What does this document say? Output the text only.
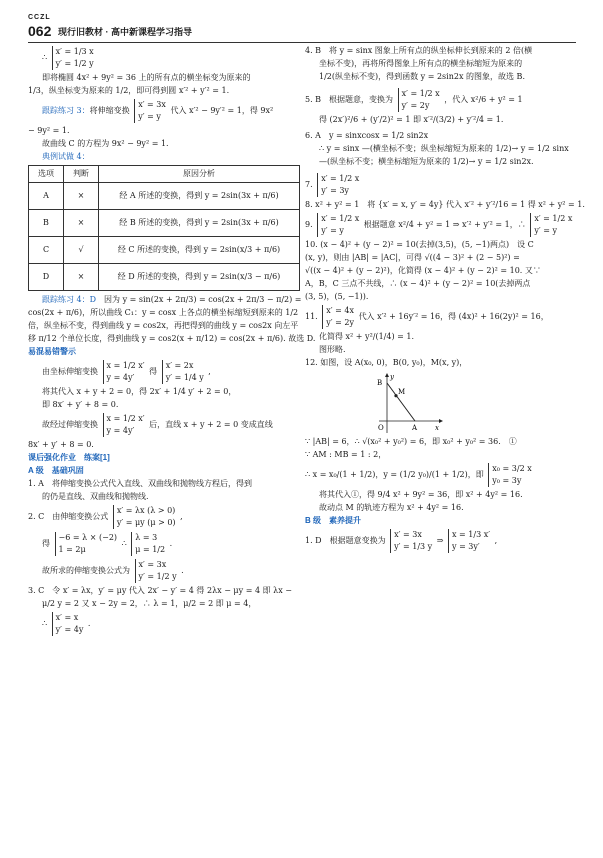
CCZL
062 现行旧教材 · 高中新课程学习指导
∴
x′ = 1/3 x
y′ = 1/2 y
即将椭圆 4x² + 9y² = 36 上的所有点的横坐标变为原来的
1/3，纵坐标变为原来的 1/2，即可得到圆 x′² + y′² = 1.
跟踪练习 3：将伸缩变换
x′ = 3x
y′ = y
代入 x′² − 9y′² = 1，得 9x²
− 9y² = 1.
故曲线 C 的方程为 9x² − 9y² = 1.
典例试做 4：
选项	判断	原因分析
A	×	经 A 所述的变换，得到 y = 2sin(3x + π/6)
B	×	经 B 所述的变换，得到 y = 2sin(3x + π/6)
C	√	经 C 所述的变换，得到 y = 2sin(x/3 + π/6)
D	×	经 D 所述的变换，得到 y = 2sin(x/3 − π/6)
跟踪练习 4：D　 因为 y = sin(2x + 2π/3) = cos(2x + 2π/3 − π/2) =
cos(2x + π/6)，所以曲线 C₁：y = cosx 上各点的横坐标缩短到原来的 1/2
倍，纵坐标不变，得到曲线 y = cos2x，再把得到的曲线 y = cos2x 向左平
移 π/12 个单位长度，得到曲线 y = cos2(x + π/12) = cos(2x + π/6). 故选 D.
易混易错警示
由坐标伸缩变换
x = 1/2 x′
y = 4y′
得
x′ = 2x
y′ = 1/4 y
,
将其代入 x + y + 2 = 0，得 2x′ + 1/4 y′ + 2 = 0，
即 8x′ + y′ + 8 = 0.
故经过伸缩变换
x = 1/2 x′
y = 4y′
后，直线 x + y + 2 = 0 变成直线
8x′ + y′ + 8 = 0.
课后强化作业　练案[1]
A 级　基础巩固
1. A　将伸缩变换公式代入直线、双曲线和抛物线方程后，得到
的仍是直线、双曲线和抛物线.
2. C　由伸缩变换公式
x′ = λx (λ > 0)
y′ = μy (μ > 0)
,
得
−6 = λ × (−2)
1 = 2μ
∴
λ = 3
μ = 1/2
.
故所求的伸缩变换公式为
x′ = 3x
y′ = 1/2 y
.
3. C　令 x′ = λx，y′ = μy 代入 2x′ − y′ = 4 得 2λx − μy = 4 即 λx −
μ/2 y = 2 又 x − 2y = 2，∴ λ = 1，μ/2 = 2 即 μ = 4，
∴
x′ = x
y′ = 4y
.
4. B　将 y = sinx 图象上所有点的纵坐标伸长到原来的 2 倍(横
坐标不变)，再将所得图象上所有点的横坐标缩短为原来的
1/2(纵坐标不变)，得到函数 y = 2sin2x 的图象，故选 B.
5. B　根据题意，变换为
x′ = 1/2 x
y′ = 2y
，代入 x²/6 + y² = 1
得 (2x′)²/6 + (y′/2)² = 1 即 x′²/(3/2) + y′²/4 = 1.
6. A　y = sinxcosx = 1/2 sin2x
∴ y = sinx —(横坐标不变；纵坐标缩短为原来的 1/2)→ y = 1/2 sinx
—(纵坐标不变；横坐标缩短为原来的 1/2)→ y = 1/2 sin2x.
7.
x′ = 1/2 x
y′ = 3y
8. x² + y² = 1　将 {x′ = x, y′ = 4y} 代入 x′² + y′²/16 = 1 得 x² + y² = 1.
9.
x′ = 1/2 x
y′ = y
根据题意 x²/4 + y² = 1 ⇒ x′² + y′² = 1，∴
x′ = 1/2 x
y′ = y
10. (x − 4)² + (y − 2)² = 10(去掉(3,5)，(5, −1)两点)　设 C
(x, y)，则由 |AB| = |AC|，可得 √((4 − 3)² + (2 − 5)²) =
√((x − 4)² + (y − 2)²)，化简得 (x − 4)² + (y − 2)² = 10. 又∵
A，B，C 三点不共线，∴ (x − 4)² + (y − 2)² = 10(去掉两点
(3, 5)，(5, −1)).
11.
x′ = 4x
y′ = 2y
代入 x′² + 16y′² = 16，得 (4x)² + 16(2y)² = 16，
化简得 x² + y²/(1/4) = 1.
图形略.
12. 如图，设 A(x₀, 0)，B(0, y₀)，M(x, y)，
B
M
A
O	x
y
∵ |AB| = 6，∴ √(x₀² + y₀²) = 6，即 x₀² + y₀² = 36.　①
∵ AM : MB = 1 : 2，
∴ x = x₀/(1 + 1/2)，y = (1/2 y₀)/(1 + 1/2)，即
x₀ = 3/2 x
y₀ = 3y
将其代入①，得 9/4 x² + 9y² = 36，即 x² + 4y² = 16.
故动点 M 的轨迹方程为 x² + 4y² = 16.
B 级　素养提升
1. D　根据题意变换为
x′ = 3x
y′ = 1/3 y
⇒
x = 1/3 x′
y = 3y′
,
